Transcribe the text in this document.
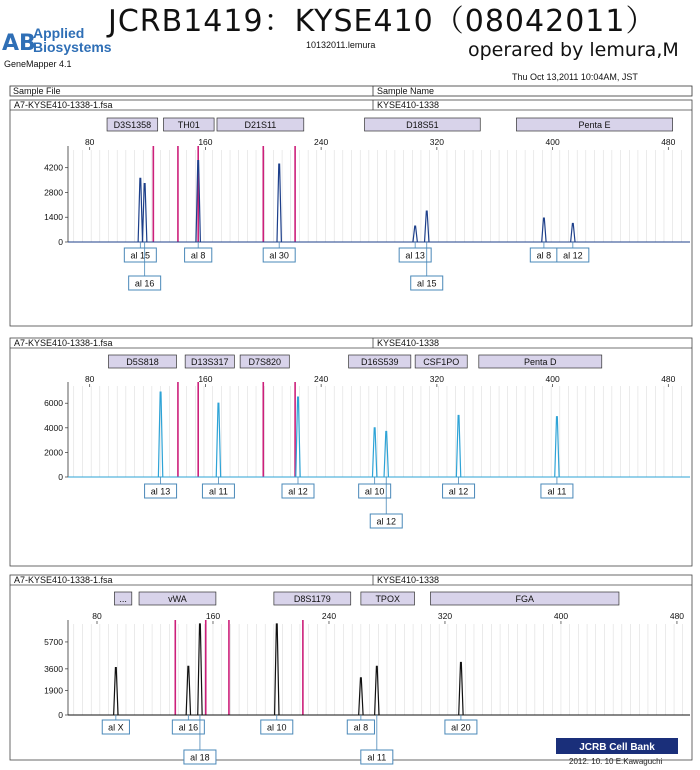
AB
Applied
Biosystems
GeneMapper 4.1
JCRB1419：KYSE410（08042011）
10132011.lemura	operared by lemura,M
Thu Oct 13,2011 10:04AM, JST
Sample File	Sample Name
A7-KYSE410-1338-1.fsa	KYSE410-1338
D3S1358	TH01	D21S11	D18S51	Penta E
80	160	240	320	400	480
4200
2800
1400
0
al 15
al 16
al 8	al 30	al 13
al 15
al 8 al 12
A7-KYSE410-1338-1.fsa	KYSE410-1338
D5S818	D13S317 D7S820	D16S539	CSF1PO	Penta D
80	160	240	320	400	480
6000
4000
2000
0
al 13	al 11	al 12	al 10
al 12
al 12	al 11
A7-KYSE410-1338-1.fsa	KYSE410-1338
...	vWA	D8S1179	TPOX	FGA
80	160	240	320	400	480
5700
3600
1900
0
al X	al 16
al 18
al 10	al 8
al 11
al 20
JCRB Cell Bank
2012. 10. 10 E.Kawaguchi
